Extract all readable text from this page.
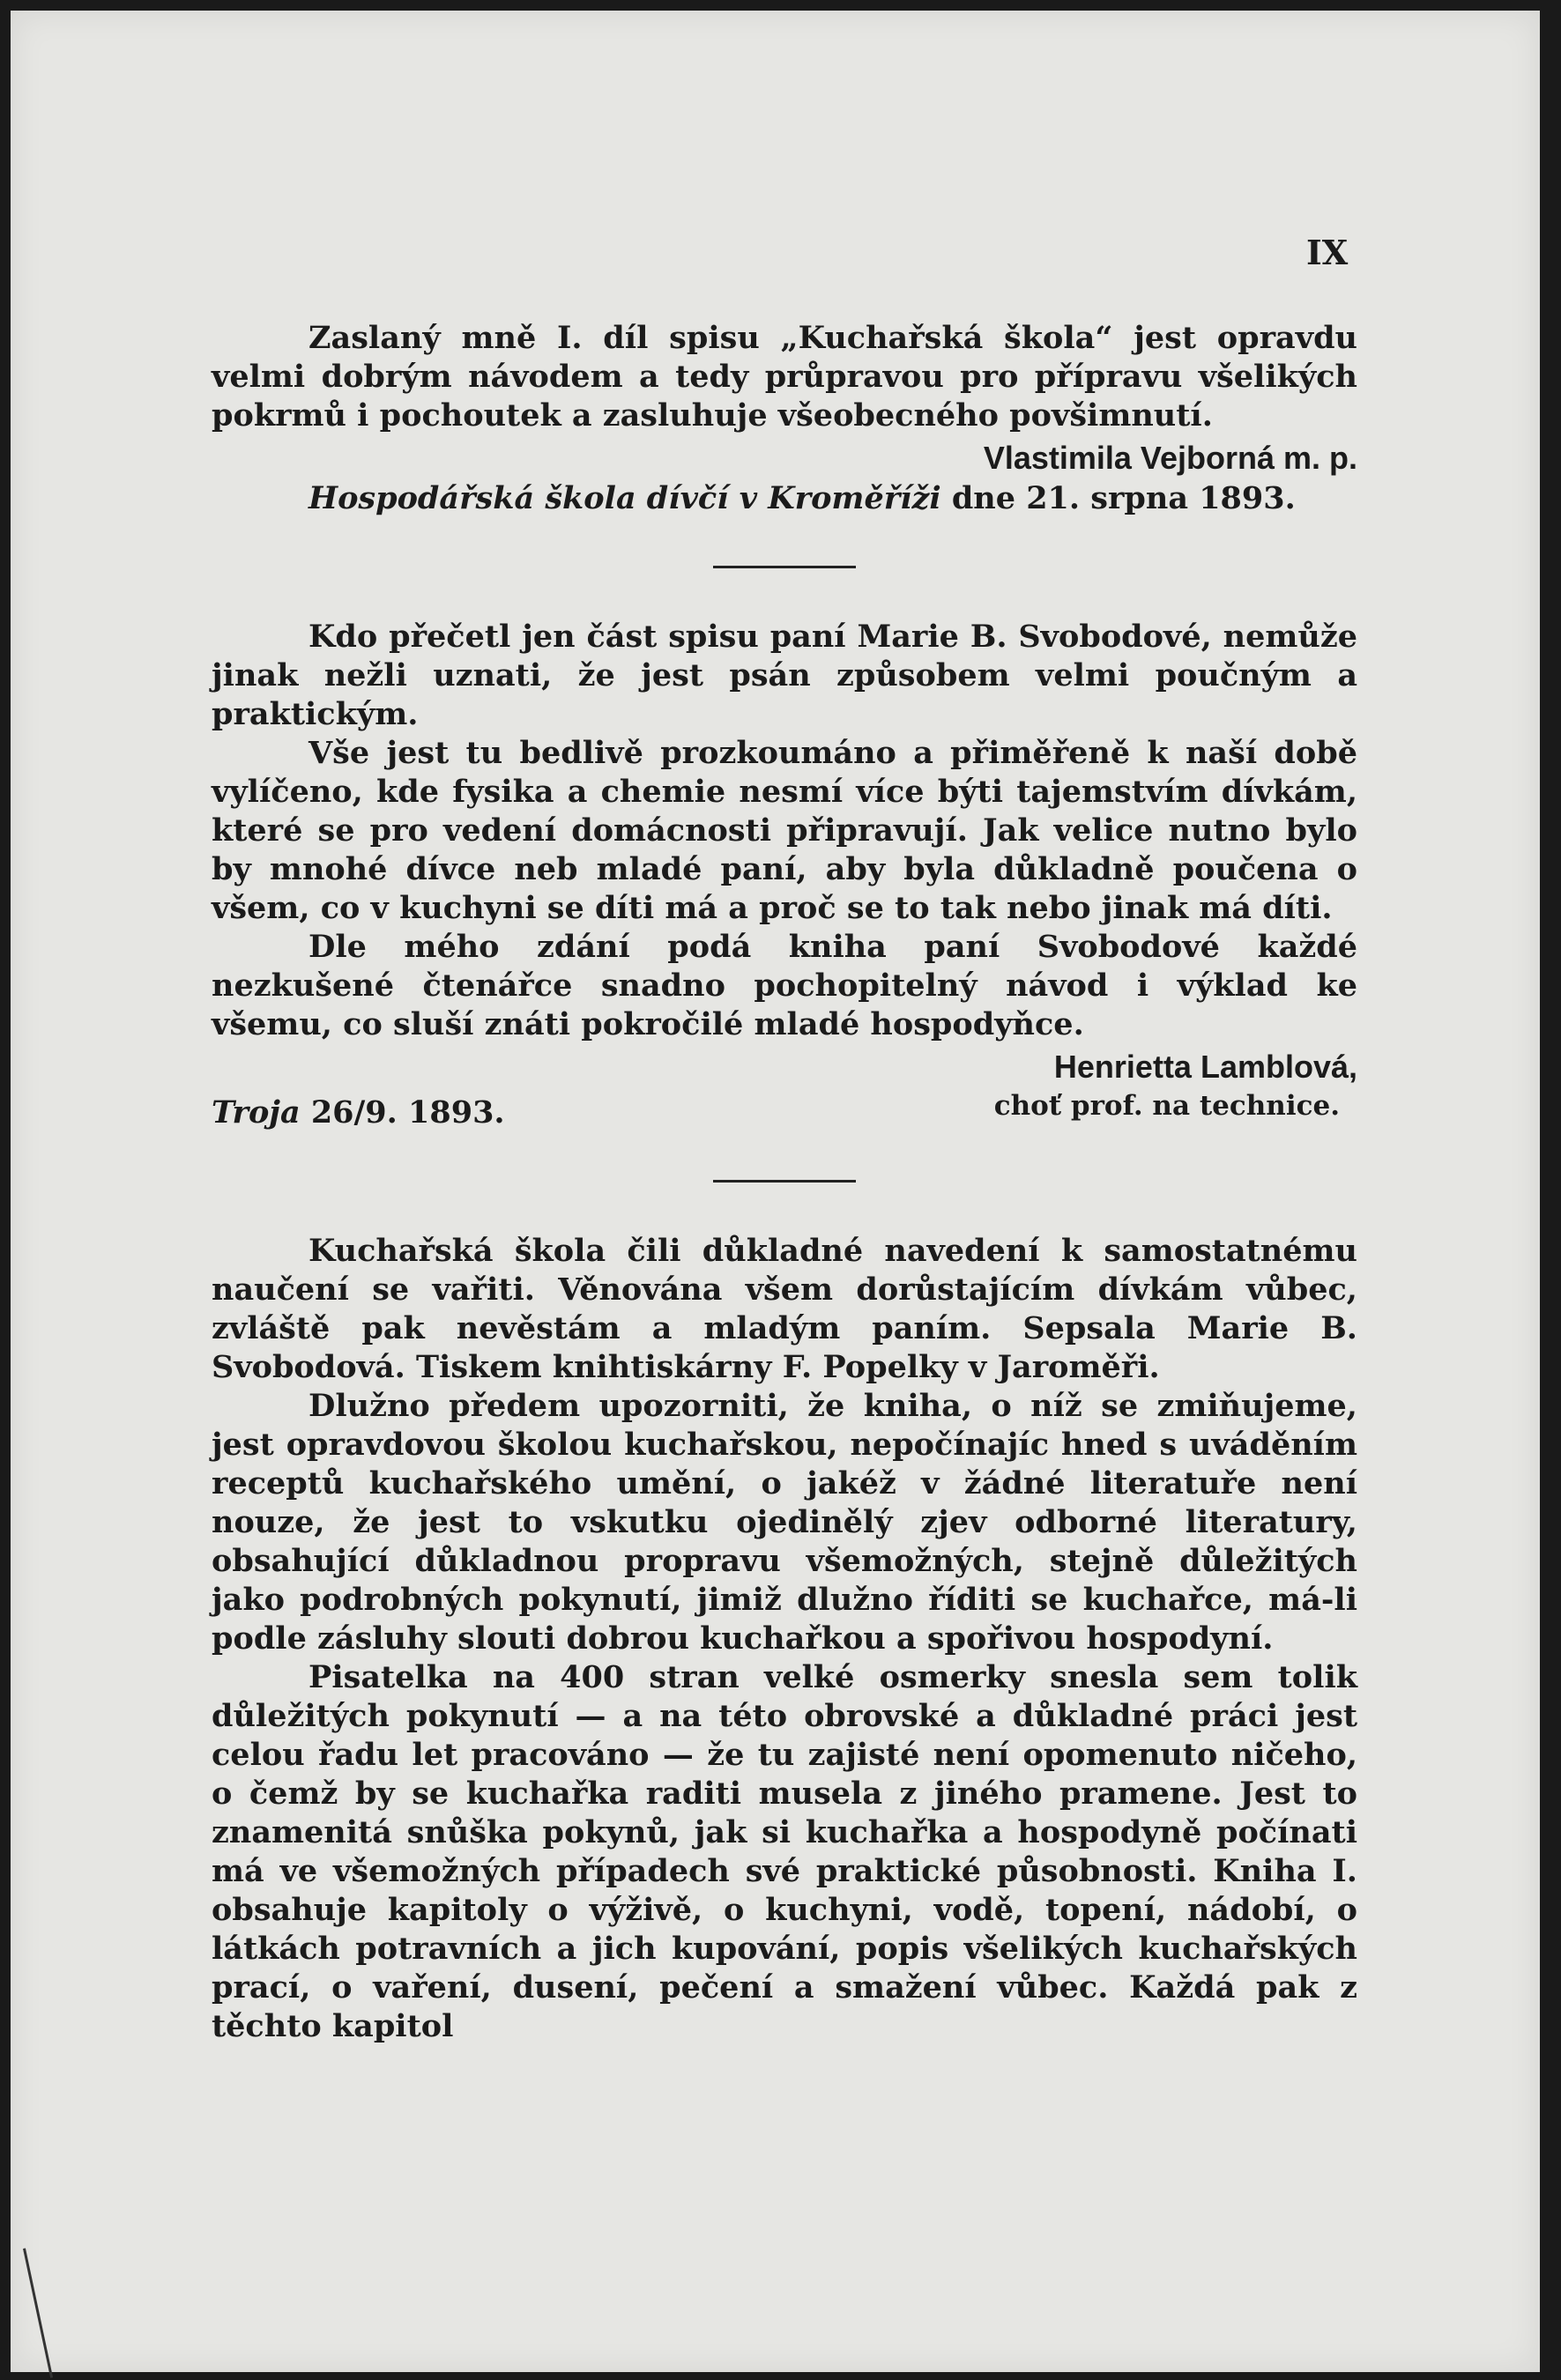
IX

Zaslaný mně I. díl spisu „Kuchařská škola“ jest opravdu velmi dobrým návodem a tedy průpravou pro přípravu všelikých pokrmů i pochoutek a zasluhuje všeobecného povšimnutí.

Vlastimila Vejborná m. p.
Hospodářská škola dívčí v Kroměříži dne 21. srpna 1893.

Kdo přečetl jen část spisu paní Marie B. Svobodové, nemůže jinak nežli uznati, že jest psán způsobem velmi poučným a praktickým.

Vše jest tu bedlivě prozkoumáno a přiměřeně k naší době vylíčeno, kde fysika a chemie nesmí více býti tajemstvím dívkám, které se pro vedení domácnosti připravují. Jak velice nutno bylo by mnohé dívce neb mladé paní, aby byla důkladně poučena o všem, co v kuchyni se díti má a proč se to tak nebo jinak má díti.

Dle mého zdání podá kniha paní Svobodové každé nezkušené čtenářce snadno pochopitelný návod i výklad ke všemu, co sluší znáti pokročilé mladé hospodyňce.

Troja 26/9. 1893.
Henrietta Lamblová,
choť prof. na technice.

Kuchařská škola čili důkladné navedení k samostatnému naučení se vařiti. Věnována všem dorůstajícím dívkám vůbec, zvláště pak nevěstám a mladým paním. Sepsala Marie B. Svobodová. Tiskem knihtiskárny F. Popelky v Jaroměři.

Dlužno předem upozorniti, že kniha, o níž se zmiňujeme, jest opravdovou školou kuchařskou, nepočínajíc hned s uváděním receptů kuchařského umění, o jakéž v žádné literatuře není nouze, že jest to vskutku ojedinělý zjev odborné literatury, obsahující důkladnou propravu všemožných, stejně důležitých jako podrobných pokynutí, jimiž dlužno říditi se kuchařce, má-li podle zásluhy slouti dobrou kuchařkou a spořivou hospodyní.

Pisatelka na 400 stran velké osmerky snesla sem tolik důležitých pokynutí — a na této obrovské a důkladné práci jest celou řadu let pracováno — že tu zajisté není opomenuto ničeho, o čemž by se kuchařka raditi musela z jiného pramene. Jest to znamenitá snůška pokynů, jak si kuchařka a hospodyně počínati má ve všemožných případech své praktické působnosti. Kniha I. obsahuje kapitoly o výživě, o kuchyni, vodě, topení, nádobí, o látkách potravních a jich kupování, popis všelikých kuchařských prací, o vaření, dusení, pečení a smažení vůbec. Každá pak z těchto kapitol
